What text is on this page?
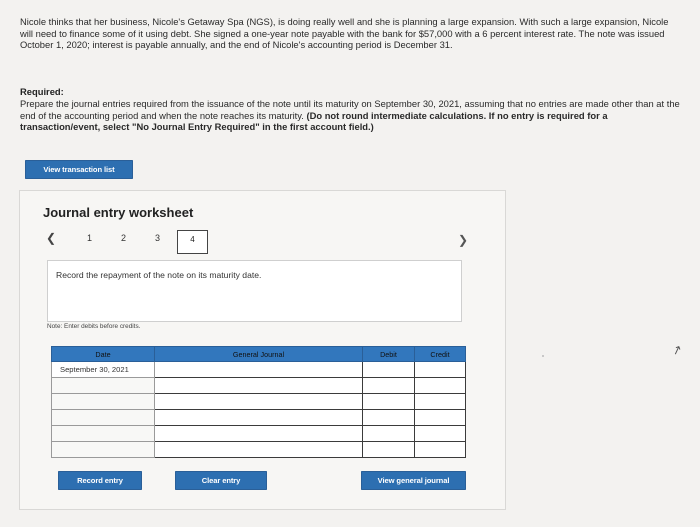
Nicole thinks that her business, Nicole's Getaway Spa (NGS), is doing really well and she is planning a large expansion. With such a large expansion, Nicole will need to finance some of it using debt. She signed a one-year note payable with the bank for $57,000 with a 6 percent interest rate. The note was issued October 1, 2020; interest is payable annually, and the end of Nicole's accounting period is December 31.
Required:
Prepare the journal entries required from the issuance of the note until its maturity on September 30, 2021, assuming that no entries are made other than at the end of the accounting period and when the note reaches its maturity. (Do not round intermediate calculations. If no entry is required for a transaction/event, select "No Journal Entry Required" in the first account field.)
View transaction list
Journal entry worksheet
❮	1	2	3	4	❯
Record the repayment of the note on its maturity date.
Note: Enter debits before credits.
Date	General Journal	Debit	Credit
September 30, 2021			

Record entry	Clear entry	View general journal
↗
